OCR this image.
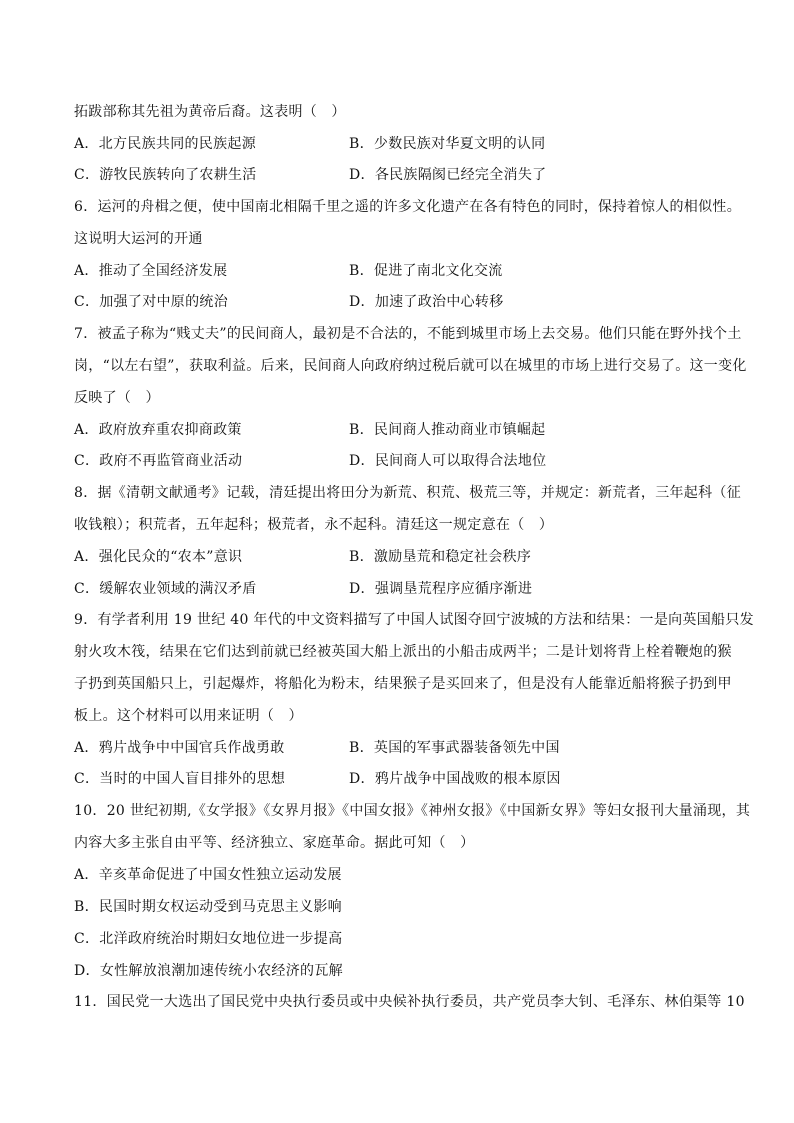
拓跋部称其先祖为黄帝后裔。这表明（　）
A．北方民族共同的民族起源	B．少数民族对华夏文明的认同
C．游牧民族转向了农耕生活	D．各民族隔阂已经完全消失了
6．运河的舟楫之便，使中国南北相隔千里之遥的许多文化遗产在各有特色的同时，保持着惊人的相似性。
这说明大运河的开通
A．推动了全国经济发展	B．促进了南北文化交流
C．加强了对中原的统治	D．加速了政治中心转移
7．被孟子称为“贱丈夫”的民间商人，最初是不合法的，不能到城里市场上去交易。他们只能在野外找个土
岗，“以左右望”，获取利益。后来，民间商人向政府纳过税后就可以在城里的市场上进行交易了。这一变化
反映了（　）
A．政府放弃重农抑商政策	B．民间商人推动商业市镇崛起
C．政府不再监管商业活动	D．民间商人可以取得合法地位
8．据《清朝文献通考》记载，清廷提出将田分为新荒、积荒、极荒三等，并规定：新荒者，三年起科（征
收钱粮）；积荒者，五年起科；极荒者，永不起科。清廷这一规定意在（　）
A．强化民众的“农本”意识	B．激励垦荒和稳定社会秩序
C．缓解农业领域的满汉矛盾	D．强调垦荒程序应循序渐进
9．有学者利用 19 世纪 40 年代的中文资料描写了中国人试图夺回宁波城的方法和结果：一是向英国船只发
射火攻木筏，结果在它们达到前就已经被英国大船上派出的小船击成两半；二是计划将背上栓着鞭炮的猴
子扔到英国船只上，引起爆炸，将船化为粉末，结果猴子是买回来了，但是没有人能靠近船将猴子扔到甲
板上。这个材料可以用来证明（　）
A．鸦片战争中中国官兵作战勇敢	B．英国的军事武器装备领先中国
C．当时的中国人盲目排外的思想	D．鸦片战争中国战败的根本原因
10．20 世纪初期,《女学报》《女界月报》《中国女报》《神州女报》《中国新女界》等妇女报刊大量涌现，其
内容大多主张自由平等、经济独立、家庭革命。据此可知（　）
A．辛亥革命促进了中国女性独立运动发展
B．民国时期女权运动受到马克思主义影响
C．北洋政府统治时期妇女地位进一步提高
D．女性解放浪潮加速传统小农经济的瓦解
11．国民党一大选出了国民党中央执行委员或中央候补执行委员，共产党员李大钊、毛泽东、林伯渠等 10
